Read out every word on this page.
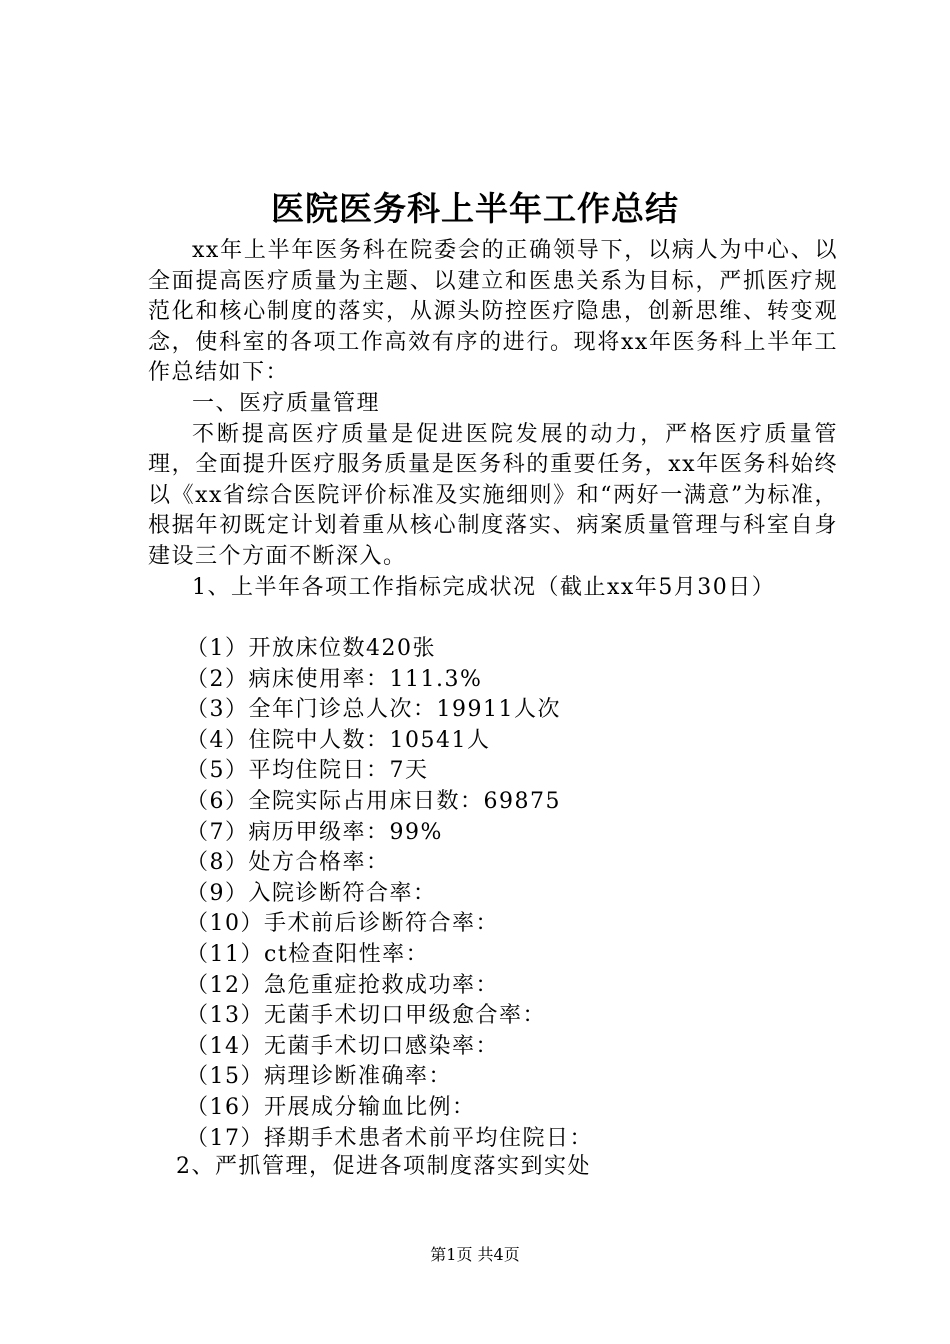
医院医务科上半年工作总结

xx年上半年医务科在院委会的正确领导下，以病人为中心、以全面提高医疗质量为主题、以建立和医患关系为目标，严抓医疗规范化和核心制度的落实，从源头防控医疗隐患，创新思维、转变观念，使科室的各项工作高效有序的进行。现将xx年医务科上半年工作总结如下：

一、医疗质量管理

不断提高医疗质量是促进医院发展的动力，严格医疗质量管理，全面提升医疗服务质量是医务科的重要任务，xx年医务科始终以《xx省综合医院评价标准及实施细则》和“两好一满意”为标准，根据年初既定计划着重从核心制度落实、病案质量管理与科室自身建设三个方面不断深入。

1、上半年各项工作指标完成状况（截止xx年5月30日）

（1）开放床位数420张
（2）病床使用率：111.3%
（3）全年门诊总人次：19911人次
（4）住院中人数：10541人
（5）平均住院日：7天
（6）全院实际占用床日数：69875
（7）病历甲级率：99%
（8）处方合格率：
（9）入院诊断符合率：
（10）手术前后诊断符合率：
（11）ct检查阳性率：
（12）急危重症抢救成功率：
（13）无菌手术切口甲级愈合率：
（14）无菌手术切口感染率：
（15）病理诊断准确率：
（16）开展成分输血比例：
（17）择期手术患者术前平均住院日：
2、严抓管理，促进各项制度落实到实处
第1页 共4页
